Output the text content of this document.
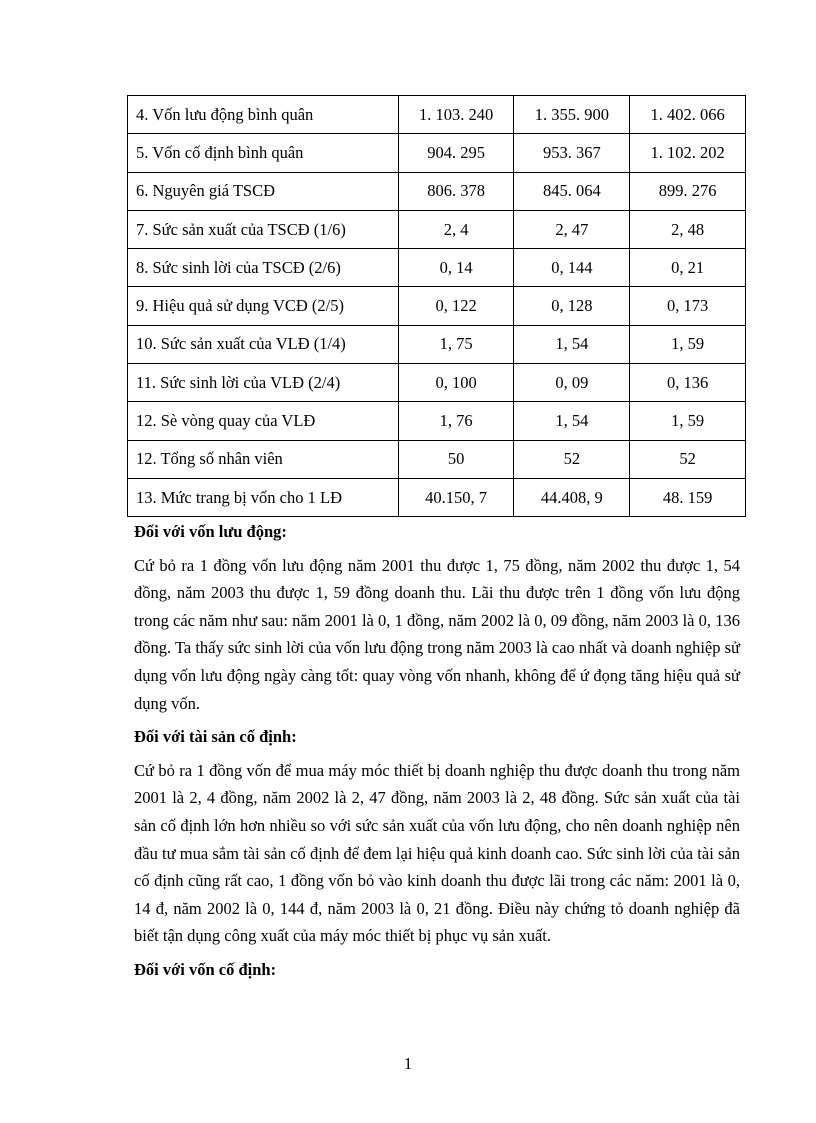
4. Vốn lưu động bình quân	1. 103. 240	1. 355. 900	1. 402. 066
5. Vốn cố định bình quân	904. 295	953. 367	1. 102. 202
6. Nguyên giá TSCĐ	806. 378	845. 064	899. 276
7. Sức sản xuất của TSCĐ (1/6)	2, 4	2, 47	2, 48
8. Sức sinh lời của TSCĐ (2/6)	0, 14	0, 144	0, 21
9. Hiệu quả sử dụng VCĐ (2/5)	0, 122	0, 128	0, 173
10. Sức sản xuất của VLĐ (1/4)	1, 75	1, 54	1, 59
11. Sức sinh lời của VLĐ (2/4)	0, 100	0, 09	0, 136
12. Sè vòng quay của VLĐ	1, 76	1, 54	1, 59
12. Tổng số nhân viên	50	52	52
13. Mức trang bị vốn cho 1 LĐ	40.150, 7	44.408, 9	48. 159
Đối với vốn lưu động:
Cứ bỏ ra 1 đồng vốn lưu động năm 2001 thu được 1, 75 đồng, năm 2002 thu được 1, 54 đồng, năm 2003 thu được 1, 59 đồng doanh thu. Lãi thu được trên 1 đồng vốn lưu động trong các năm như sau: năm 2001 là 0, 1 đồng, năm 2002 là 0, 09 đồng, năm 2003 là 0, 136 đồng. Ta thấy sức sinh lời của vốn lưu động trong năm 2003 là cao nhất và doanh nghiệp sử dụng vốn lưu động ngày càng tốt: quay vòng vốn nhanh, không để ứ đọng tăng hiệu quả sử dụng vốn.
Đối với tài sản cố định:
Cứ bỏ ra 1 đồng vốn để mua máy móc thiết bị doanh nghiệp thu được doanh thu trong năm 2001 là 2, 4 đồng, năm 2002 là 2, 47 đồng, năm 2003 là 2, 48 đồng. Sức sản xuất của tài sản cố định lớn hơn nhiều so với sức sản xuất của vốn lưu động, cho nên doanh nghiệp nên đầu tư mua sắm tài sản cố định để đem lại hiệu quả kinh doanh cao. Sức sinh lời của tài sản cố định cũng rất cao, 1 đồng vốn bỏ vào kinh doanh thu được lãi trong các năm: 2001 là 0, 14 đ, năm 2002 là 0, 144 đ, năm 2003 là 0, 21 đồng. Điều này chứng tỏ doanh nghiệp đã biết tận dụng công xuất của máy móc thiết bị phục vụ sản xuất.
Đối với vốn cố định:
1
